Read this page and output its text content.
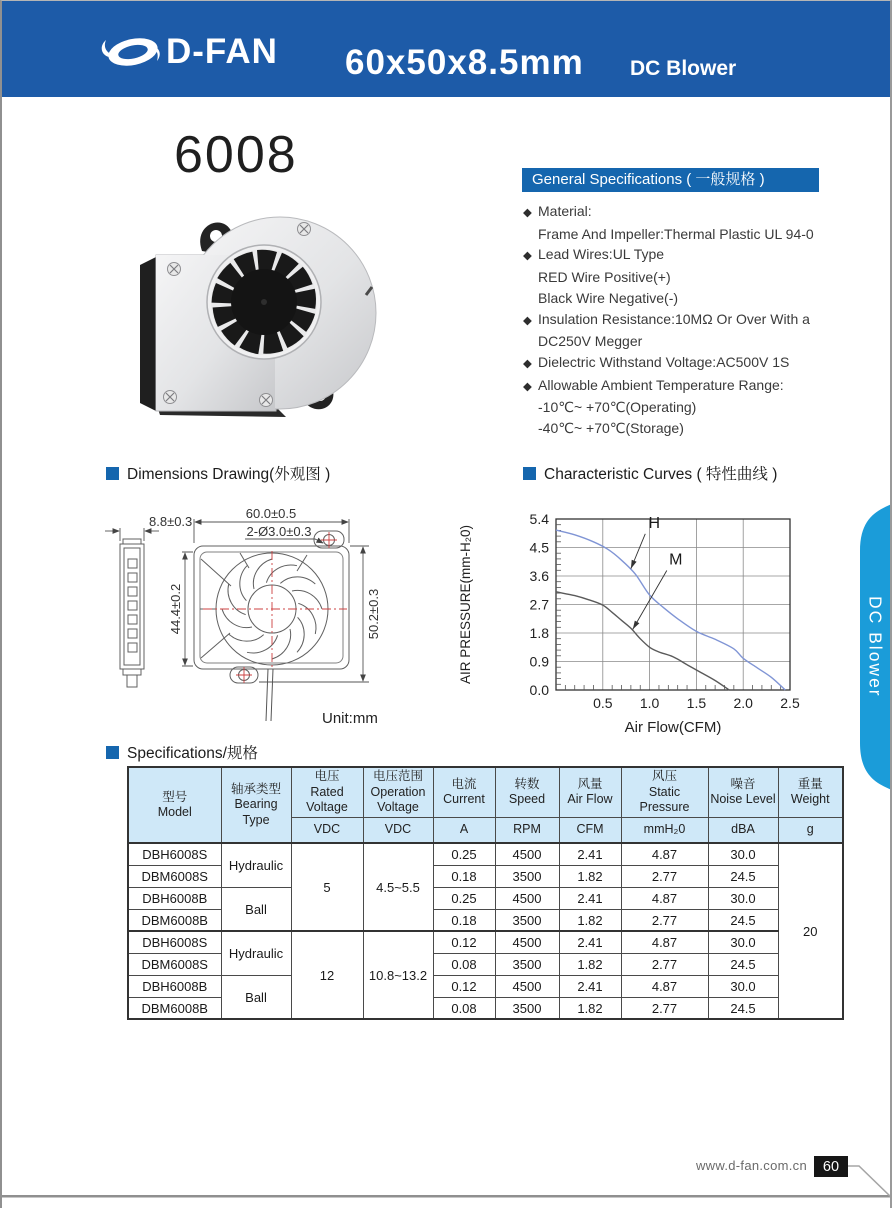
D-FAN 60x50x8.5mm DC Blower
6008	General Specifications ( 一般规格 )
◆ Material:
Frame And Impeller:Thermal Plastic UL 94-0
◆ Lead Wires:UL Type
RED Wire Positive(+)
Black Wire Negative(-)
◆ Insulation Resistance:10MΩ Or Over With a
DC250V Megger
◆ Dielectric Withstand Voltage:AC500V 1S
◆ Allowable Ambient Temperature Range:
-10℃~ +70℃(Operating)
-40℃~ +70℃(Storage)
Dimensions Drawing(外观图 )	Characteristic Curves ( 特性曲线 )
Specifications/规格
8.8±0.3
60.0±0.5
2-Ø3.0±0.3
44.4±0.2	50.2±0.3
Unit:mm
0.0
0.9
1.8
2.7
3.6
4.5
5.4
0.5 1.0 1.5 2.0 2.5
AIR PRESSURE(mm-H₂0)
Air Flow(CFM)
H
M
DC Blower
型号
Model

轴承类型
Bearing Type

电压
Rated Voltage

电压范围
Operation Voltage

电流
Current

转数
Speed

风量
Air Flow

风压
Static Pressure

噪音
Noise Level

重量
Weight

		VDC	VDC	A	RPM	CFM	mmH₂0	dBA	g
DBH6008S	Hydraulic	5	4.5~5.5	0.25	4500	2.41	4.87	30.0	20
DBM6008S				0.18	3500	1.82	2.77	24.5	
DBH6008B	Ball			0.25	4500	2.41	4.87	30.0	
DBM6008B				0.18	3500	1.82	2.77	24.5	
DBH6008S	Hydraulic	12	10.8~13.2	0.12	4500	2.41	4.87	30.0	
DBM6008S				0.08	3500	1.82	2.77	24.5	
DBH6008B	Ball			0.12	4500	2.41	4.87	30.0	
DBM6008B				0.08	3500	1.82	2.77	24.5	
www.d-fan.com.cn	60
